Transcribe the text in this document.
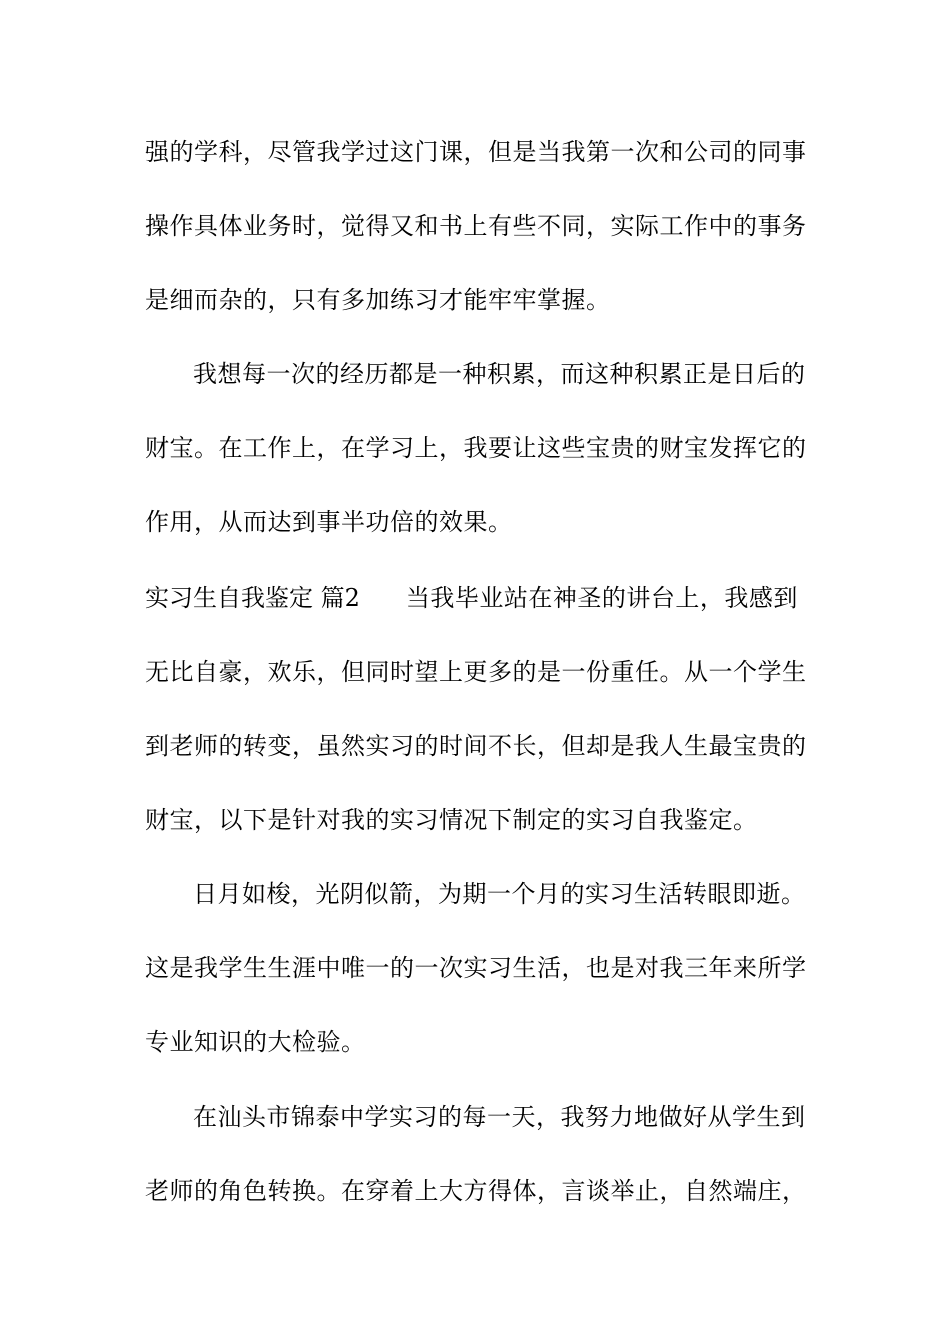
强的学科，尽管我学过这门课，但是当我第一次和公司的同事
操作具体业务时，觉得又和书上有些不同，实际工作中的事务
是细而杂的，只有多加练习才能牢牢掌握。
我想每一次的经历都是一种积累，而这种积累正是日后的
财宝。在工作上，在学习上，我要让这些宝贵的财宝发挥它的
作用，从而达到事半功倍的效果。
实习生自我鉴定 篇2 当我毕业站在神圣的讲台上，我感到
无比自豪，欢乐，但同时望上更多的是一份重任。从一个学生
到老师的转变，虽然实习的时间不长，但却是我人生最宝贵的
财宝，以下是针对我的实习情况下制定的实习自我鉴定。
日月如梭，光阴似箭，为期一个月的实习生活转眼即逝。
这是我学生生涯中唯一的一次实习生活，也是对我三年来所学
专业知识的大检验。
在汕头市锦泰中学实习的每一天，我努力地做好从学生到
老师的角色转换。在穿着上大方得体，言谈举止，自然端庄，
